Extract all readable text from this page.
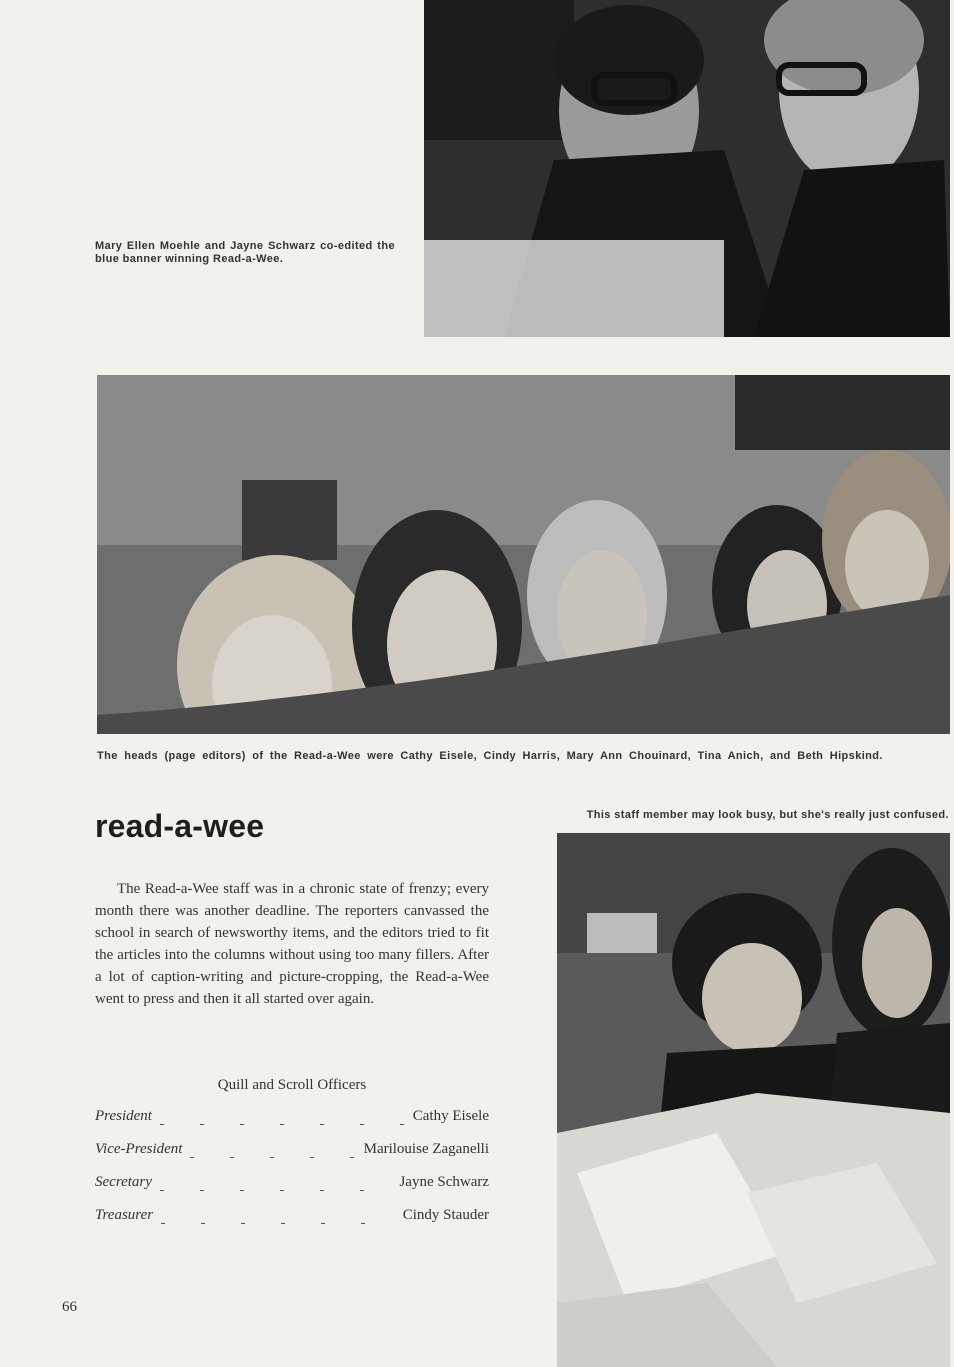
Mary Ellen Moehle and Jayne Schwarz co-edited the blue banner winning Read-a-Wee.
The heads (page editors) of the Read-a-Wee were Cathy Eisele, Cindy Harris, Mary Ann Chouinard, Tina Anich, and Beth Hipskind.
read-a-wee	This staff member may look busy, but she's really just confused.

The Read-a-Wee staff was in a chronic state of frenzy; every month there was another deadline. The reporters canvassed the school in search of newsworthy items, and the editors tried to fit the articles into the columns without using too many fillers. After a lot of caption-writing and picture-cropping, the Read-a-Wee went to press and then it all started over again.

Quill and Scroll Officers
President	Cathy Eisele
Vice-President	Marilouise Zaganelli
Secretary	Jayne Schwarz
Treasurer	Cindy Stauder
66
